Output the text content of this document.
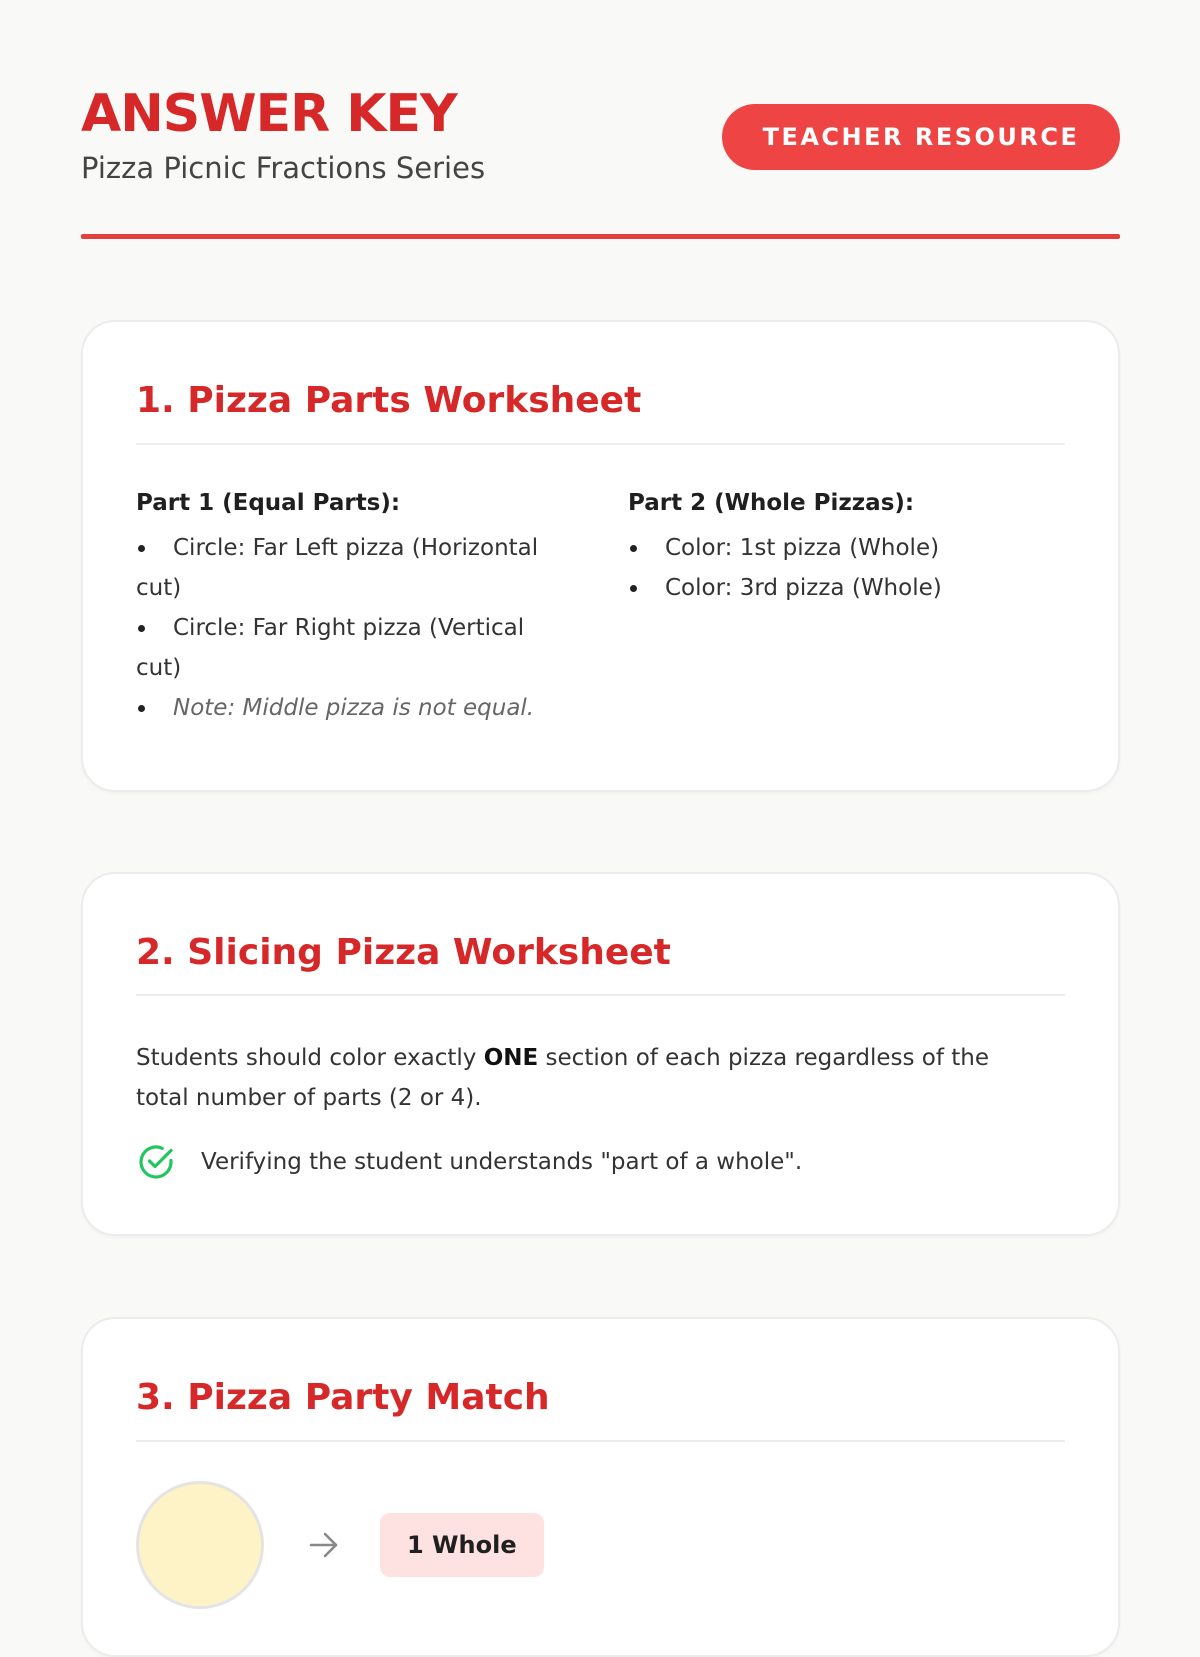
ANSWER KEY
Pizza Picnic Fractions Series
TEACHER RESOURCE
1. Pizza Parts Worksheet

Part 1 (Equal Parts):

Circle: Far Left pizza (Horizontal cut)
Circle: Far Right pizza (Vertical cut)
Note: Middle pizza is not equal.

Part 2 (Whole Pizzas):

Color: 1st pizza (Whole)
Color: 3rd pizza (Whole)
2. Slicing Pizza Worksheet

Students should color exactly ONE section of each pizza regardless of the total number of parts (2 or 4).

Verifying the student understands "part of a whole".
3. Pizza Party Match
1 Whole
